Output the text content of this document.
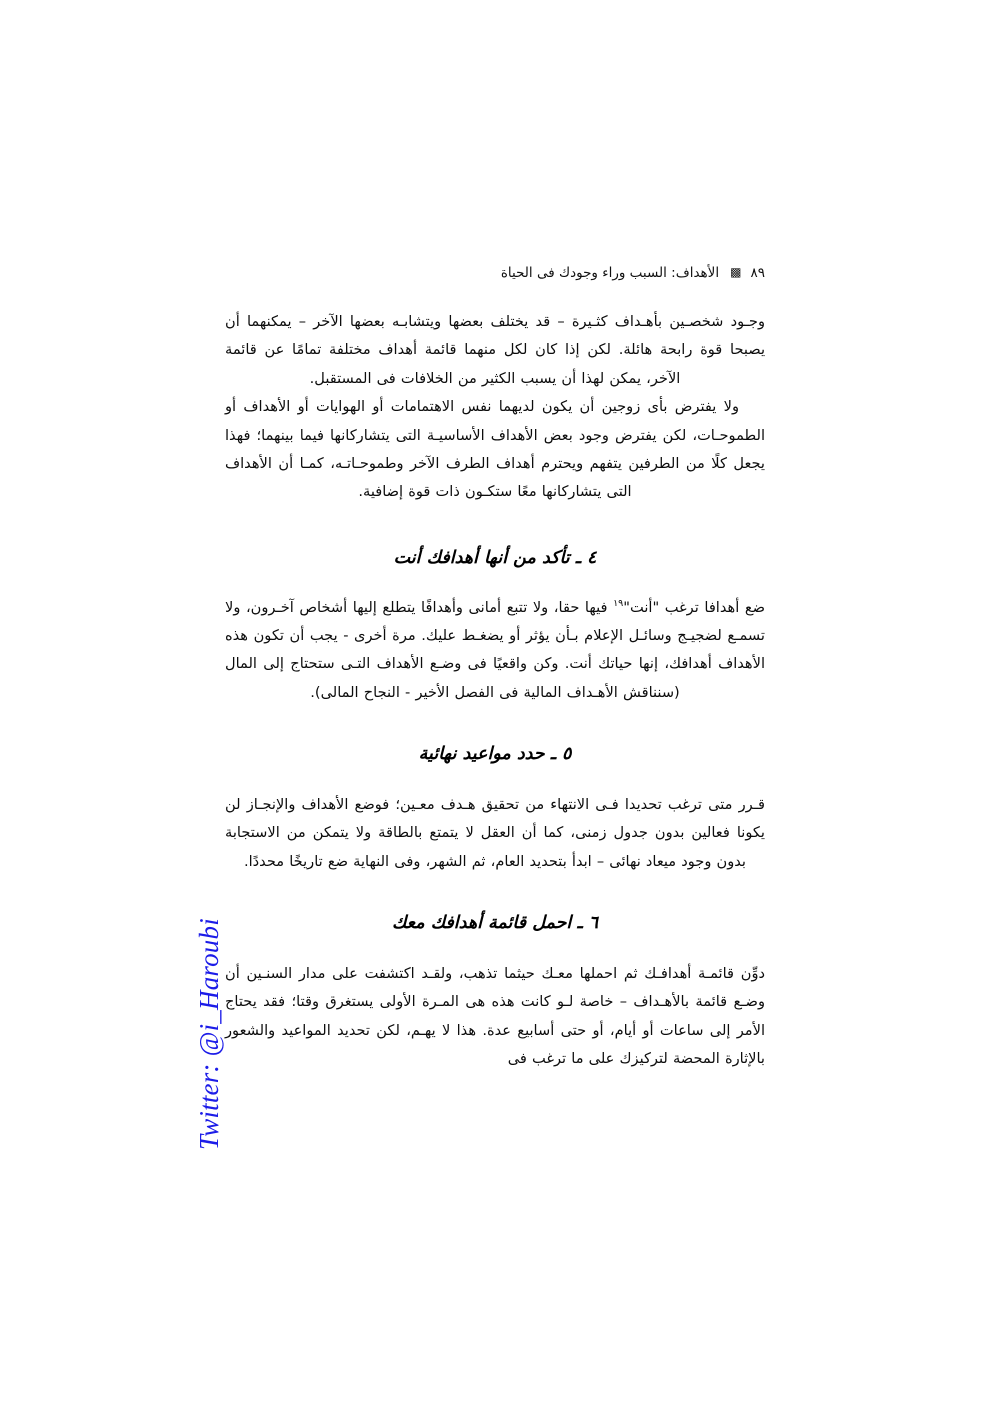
٨٩▩الأهداف: السبب وراء وجودك فى الحياة

وجـود شخصـين بأهـداف كثـيرة – قد يختلف بعضها ويتشابـه بعضها الآخر – يمكنهما أن يصبحا قوة رابحة هائلة. لكن إذا كان لكل منهما قائمة أهداف مختلفة تمامًا عن قائمة الآخر، يمكن لهذا أن يسبب الكثير من الخلافات فى المستقبل.

ولا يفترض بأى زوجين أن يكون لديهما نفس الاهتمامات أو الهوايات أو الأهداف أو الطموحـات، لكن يفترض وجود بعض الأهداف الأساسيـة التى يتشاركانها فيما بينهما؛ فهذا يجعل كلًا من الطرفين يتفهم ويحترم أهداف الطرف الآخر وطموحـاتـه، كمـا أن الأهداف التى يتشاركانها معًا ستكـون ذات قوة إضافية.

٤ ـ تأكد من أنها أهدافك أنت

ضع أهدافا ترغب "أنت"$^{١٩}$ فيها حقا، ولا تتبع أمانى وأهدافًا يتطلع إليها أشخاص آخـرون، ولا تسمـع لضجيـج وسائـل الإعلام بـأن يؤثر أو يضغـط عليك. مرة أخرى - يجب أن تكون هذه الأهداف أهدافك، إنها حياتك أنت. وكن واقعيًا فى وضـع الأهداف التـى ستحتاج إلى المال (سنناقش الأهـداف المالية فى الفصل الأخير - النجاح المالى).

٥ ـ حدد مواعيد نهائية

قـرر متى ترغب تحديدا فـى الانتهاء من تحقيق هـدف معـين؛ فوضع الأهداف والإنجـاز لن يكونا فعالين بدون جدول زمنى، كما أن العقل لا يتمتع بالطاقة ولا يتمكن من الاستجابة بدون وجود ميعاد نهائى – ابدأ بتحديد العام، ثم الشهر، وفى النهاية ضع تاريخًا محددًا.

٦ ـ احمل قائمة أهدافك معك

دوِّن قائمـة أهدافـك ثم احملها معـك حيثما تذهب، ولقـد اكتشفت على مدار السنـين أن وضـع قائمة بالأهـداف – خاصة لـو كانت هذه هى المـرة الأولى يستغرق وقتا؛ فقد يحتاج الأمر إلى ساعات أو أيام، أو حتى أسابيع عدة. هذا لا يهـم، لكن تحديد المواعيد والشعور بالإثارة المحضة لتركيزك على ما ترغب فى

Twitter: @i_Haroubi
